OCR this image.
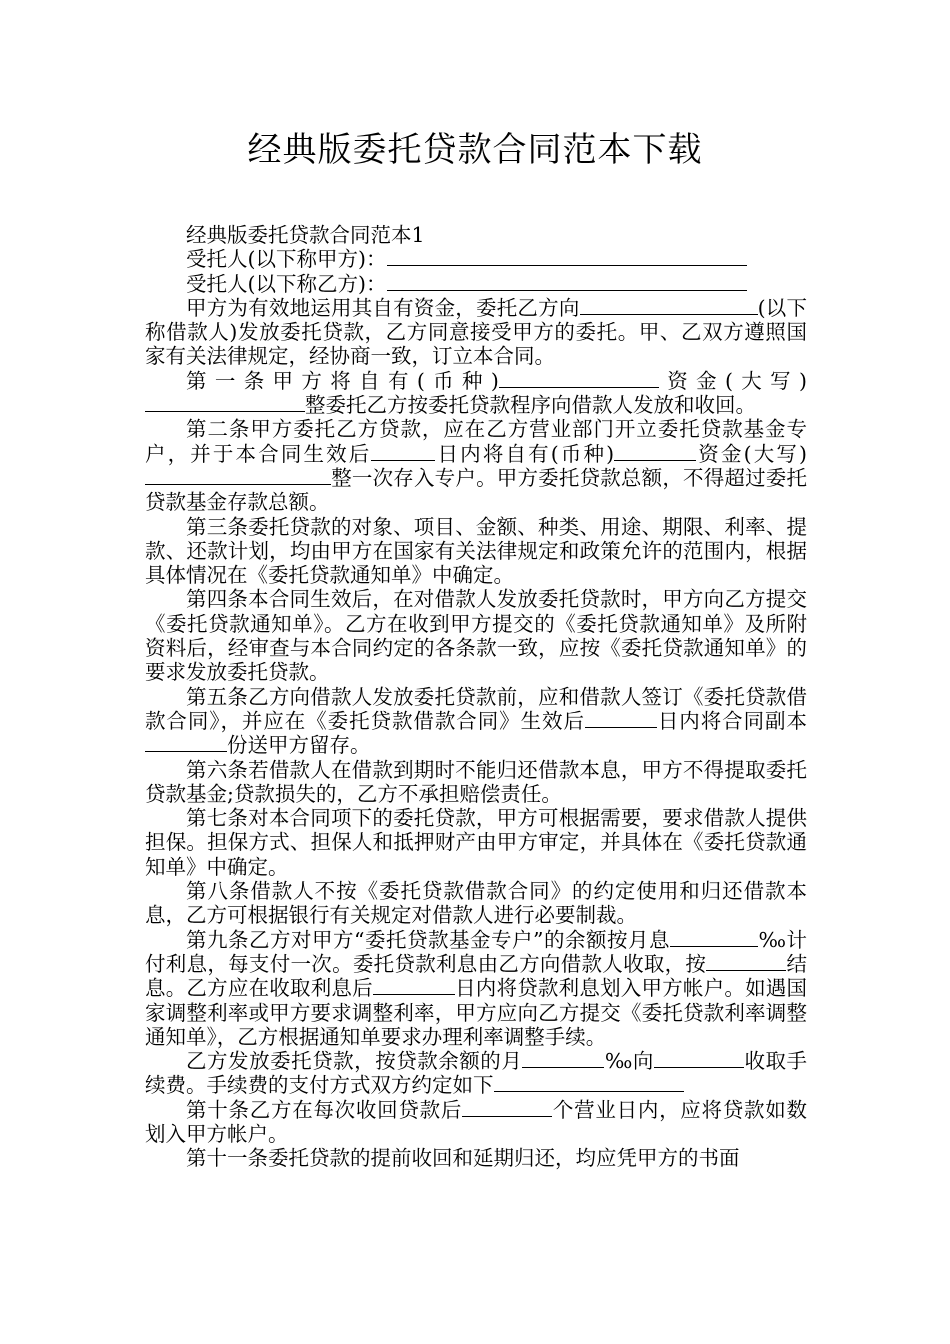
经典版委托贷款合同范本下载

经典版委托贷款合同范本1

受托人(以下称甲方)：

受托人(以下称乙方)：

甲方为有效地运用其自有资金，委托乙方向	(以下称借款人)发放委托贷款，乙方同意接受甲方的委托。甲、乙双方遵照国家有关法律规定，经协商一致，订立本合同。

第一条甲方将自有(币种)	资金(大写)整委托乙方按委托贷款程序向借款人发放和收回。

第二条甲方委托乙方贷款，应在乙方营业部门开立委托贷款基金专户，并于本合同生效后	日内将自有(币种)	资金(大写)整一次存入专户。甲方委托贷款总额，不得超过委托贷款基金存款总额。

第三条委托贷款的对象、项目、金额、种类、用途、期限、利率、提款、还款计划，均由甲方在国家有关法律规定和政策允许的范围内，根据具体情况在《委托贷款通知单》中确定。

第四条本合同生效后，在对借款人发放委托贷款时，甲方向乙方提交《委托贷款通知单》。乙方在收到甲方提交的《委托贷款通知单》及所附资料后，经审查与本合同约定的各条款一致，应按《委托贷款通知单》的要求发放委托贷款。

第五条乙方向借款人发放委托贷款前，应和借款人签订《委托贷款借款合同》，并应在《委托贷款借款合同》生效后	日内将合同副本份送甲方留存。

第六条若借款人在借款到期时不能归还借款本息，甲方不得提取委托贷款基金;贷款损失的，乙方不承担赔偿责任。

第七条对本合同项下的委托贷款，甲方可根据需要，要求借款人提供担保。担保方式、担保人和抵押财产由甲方审定，并具体在《委托贷款通知单》中确定。

第八条借款人不按《委托贷款借款合同》的约定使用和归还借款本息，乙方可根据银行有关规定对借款人进行必要制裁。

第九条乙方对甲方“委托贷款基金专户”的余额按月息	‰计付利息，每支付一次。委托贷款利息由乙方向借款人收取，按	结息。乙方应在收取利息后	日内将贷款利息划入甲方帐户。如遇国家调整利率或甲方要求调整利率，甲方应向乙方提交《委托贷款利率调整通知单》，乙方根据通知单要求办理利率调整手续。

乙方发放委托贷款，按贷款余额的月	‰向	收取手续费。手续费的支付方式双方约定如下

第十条乙方在每次收回贷款后	个营业日内，应将贷款如数划入甲方帐户。

第十一条委托贷款的提前收回和延期归还，均应凭甲方的书面
